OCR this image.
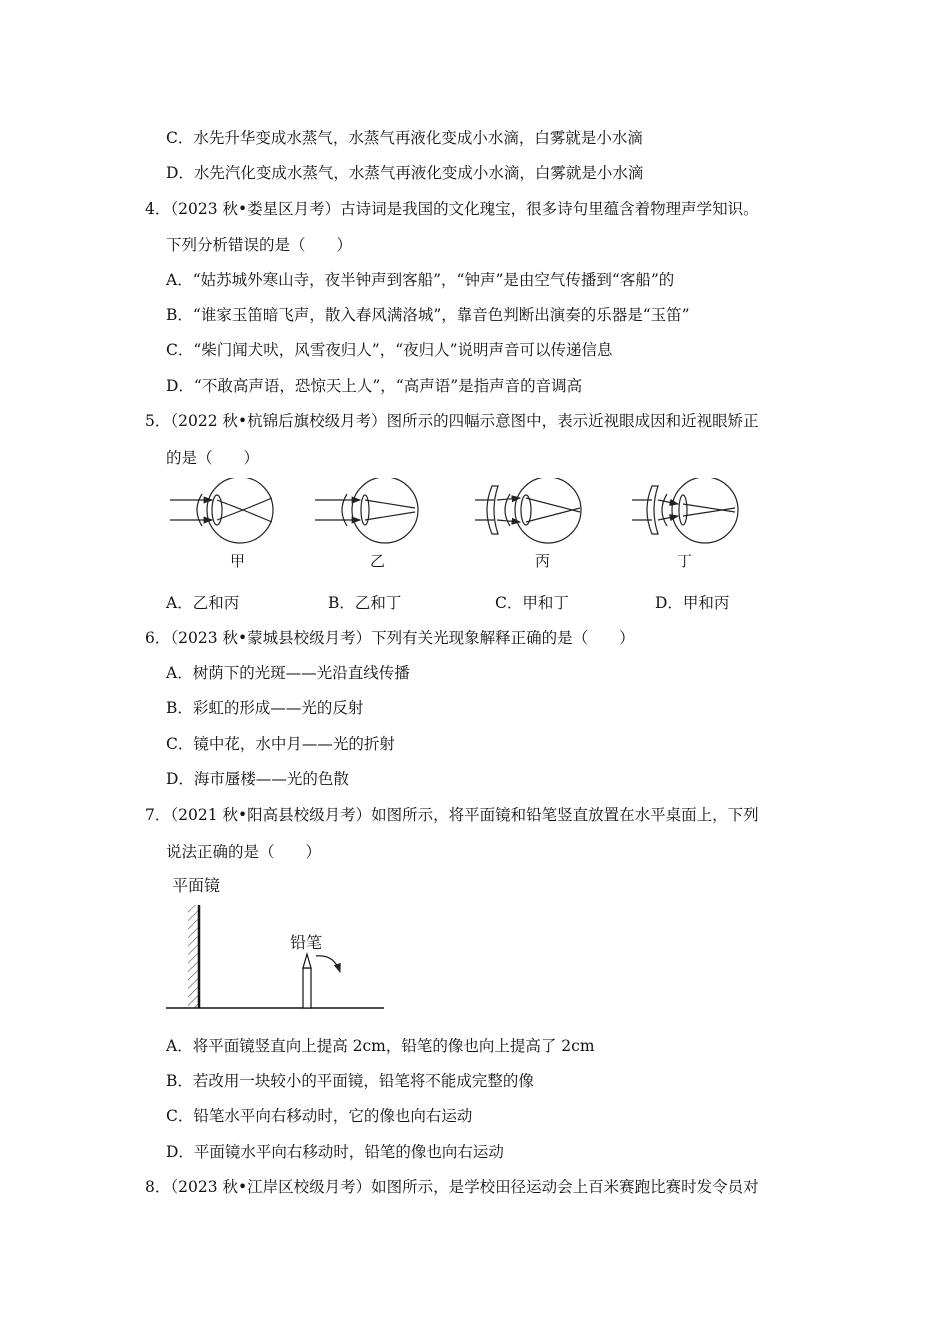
C．水先升华变成水蒸气，水蒸气再液化变成小水滴，白雾就是小水滴
D．水先汽化变成水蒸气，水蒸气再液化变成小水滴，白雾就是小水滴
4．（2023 秋•娄星区月考）古诗词是我国的文化瑰宝，很多诗句里蕴含着物理声学知识。
下列分析错误的是（　　）
A．“姑苏城外寒山寺，夜半钟声到客船”，“钟声”是由空气传播到“客船”的
B．“谁家玉笛暗飞声，散入春风满洛城”，靠音色判断出演奏的乐器是“玉笛”
C．“柴门闻犬吠，风雪夜归人”，“夜归人”说明声音可以传递信息
D．“不敢高声语，恐惊天上人”，“高声语”是指声音的音调高
5．（2022 秋•杭锦后旗校级月考）图所示的四幅示意图中，表示近视眼成因和近视眼矫正
的是（　　）
甲	乙	丙	丁
A．乙和丙	B．乙和丁	C．甲和丁	D．甲和丙
6．（2023 秋•蒙城县校级月考）下列有关光现象解释正确的是（　　）
A．树荫下的光斑——光沿直线传播
B．彩虹的形成——光的反射
C．镜中花，水中月——光的折射
D．海市蜃楼——光的色散
7．（2021 秋•阳高县校级月考）如图所示，将平面镜和铅笔竖直放置在水平桌面上，下列
说法正确的是（　　）
平面镜
铅笔
A．将平面镜竖直向上提高 2cm，铅笔的像也向上提高了 2cm
B．若改用一块较小的平面镜，铅笔将不能成完整的像
C．铅笔水平向右移动时，它的像也向右运动
D．平面镜水平向右移动时，铅笔的像也向右运动
8．（2023 秋•江岸区校级月考）如图所示，是学校田径运动会上百米赛跑比赛时发令员对
